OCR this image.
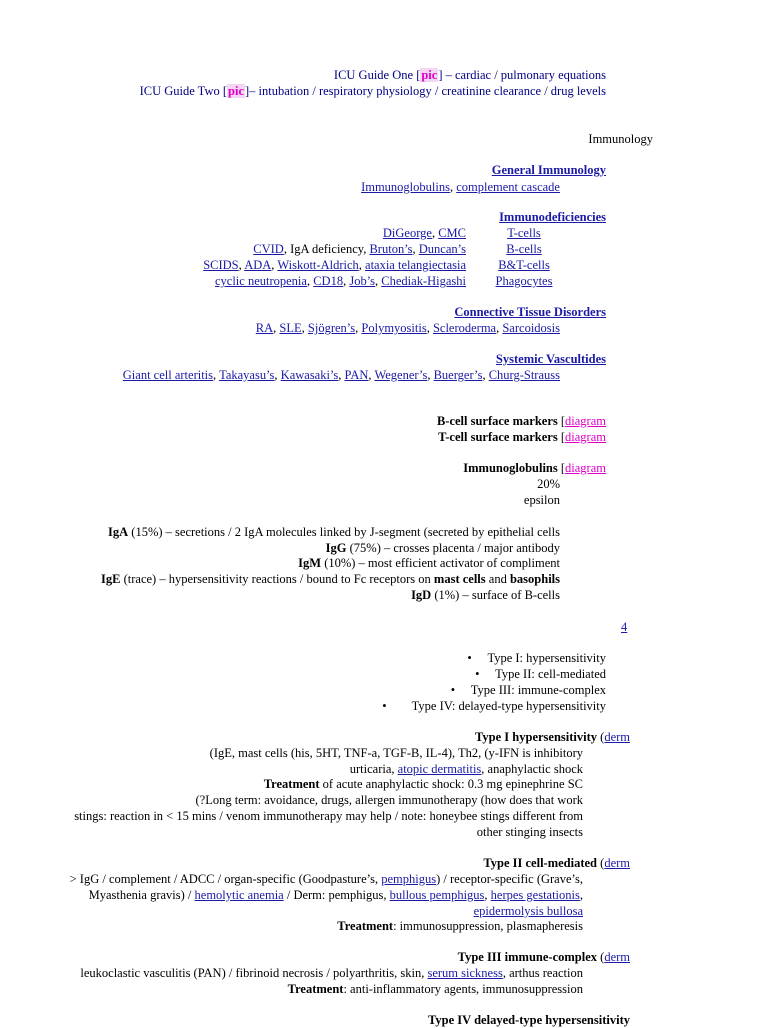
ICU Guide One [pic] – cardiac / pulmonary equations
ICU Guide Two [pic]– intubation / respiratory physiology / creatinine clearance / drug levels
Immunology
General Immunology
Immunoglobulins, complement cascade
Immunodeficiencies
DiGeorge, CMC	T-cells
CVID, IgA deficiency, Bruton’s, Duncan’s	B-cells
SCIDS, ADA, Wiskott-Aldrich, ataxia telangiectasia	B&T-cells
cyclic neutropenia, CD18, Job’s, Chediak-Higashi	Phagocytes
Connective Tissue Disorders
RA, SLE, Sjögren’s, Polymyositis, Scleroderma, Sarcoidosis
Systemic Vascultides
Giant cell arteritis, Takayasu’s, Kawasaki’s, PAN, Wegener’s, Buerger’s, Churg-Strauss
B-cell surface markers [diagram
T-cell surface markers [diagram
Immunoglobulins [diagram
20%
epsilon
IgA (15%) – secretions / 2 IgA molecules linked by J-segment (secreted by epithelial cells
IgG (75%) – crosses placenta / major antibody
IgM (10%) – most efficient activator of compliment
IgE (trace) – hypersensitivity reactions / bound to Fc receptors on mast cells and basophils
IgD (1%) – surface of B-cells
4
• Type I: hypersensitivity
• Type II: cell-mediated
• Type III: immune-complex
• Type IV: delayed-type hypersensitivity
Type I hypersensitivity (derm
(IgE, mast cells (his, 5HT, TNF-a, TGF-B, IL-4), Th2, (y-IFN is inhibitory
urticaria, atopic dermatitis, anaphylactic shock
Treatment of acute anaphylactic shock: 0.3 mg epinephrine SC
(?Long term: avoidance, drugs, allergen immunotherapy (how does that work
stings: reaction in < 15 mins / venom immunotherapy may help / note: honeybee stings different from
other stinging insects
Type II cell-mediated (derm
> IgG / complement / ADCC / organ-specific (Goodpasture’s, pemphigus) / receptor-specific (Grave’s,
Myasthenia gravis) / hemolytic anemia / Derm: pemphigus, bullous pemphigus, herpes gestationis,
epidermolysis bullosa
Treatment: immunosuppression, plasmapheresis
Type III immune-complex (derm
leukoclastic vasculitis (PAN) / fibrinoid necrosis / polyarthritis, skin, serum sickness, arthus reaction
Treatment: anti-inflammatory agents, immunosuppression
Type IV delayed-type hypersensitivity
